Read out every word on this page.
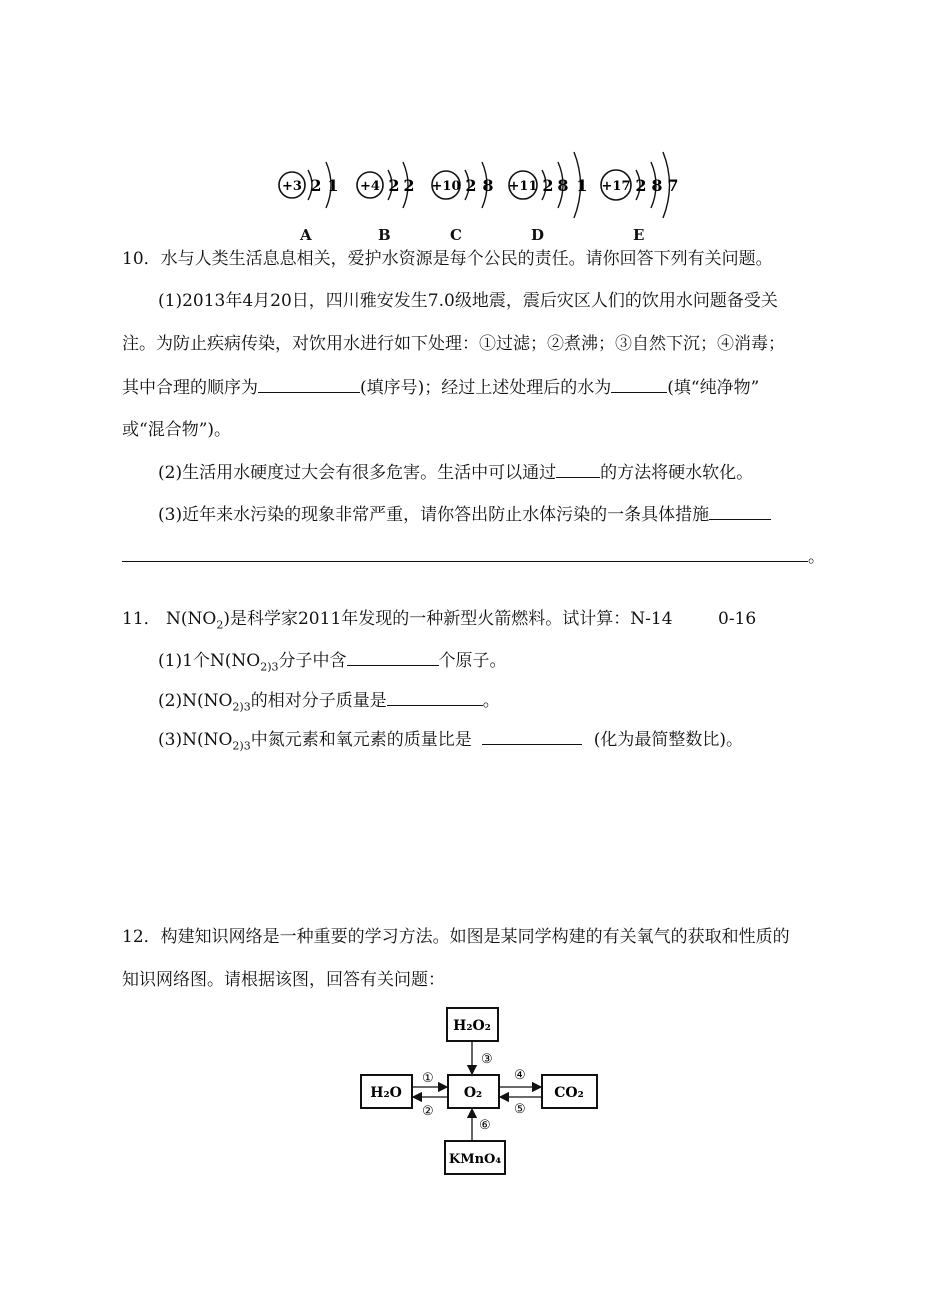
+3 2 1 +4 2 2 +10 2 8 +11 2 8 1 +17 2 8 7
A	B	C	D	E
10．水与人类生活息息相关，爱护水资源是每个公民的责任。请你回答下列有关问题。
(1)2013年4月20日，四川雅安发生7.0级地震，震后灾区人们的饮用水问题备受关
注。为防止疾病传染，对饮用水进行如下处理：①过滤；②煮沸；③自然下沉；④消毒；
其中合理的顺序为	(填序号)；经过上述处理后的水为	(填“纯净物”
或“混合物”)。
(2)生活用水硬度过大会有很多危害。生活中可以通过	的方法将硬水软化。
(3)近年来水污染的现象非常严重，请你答出防止水体污染的一条具体措施
。
11． $N(NO_2)$是科学家2011年发现的一种新型火箭燃料。试计算：N-14	0-16
(1)1个$N(NO_{2)3}$分子中含	个原子。
$(2)N(NO_{2)3}$的相对分子质量是	。
$(3)N(NO_{2)3}$中氮元素和氧元素的质量比是	(化为最简整数比)。
12．构建知识网络是一种重要的学习方法。如图是某同学构建的有关氧气的获取和性质的
知识网络图。请根据该图，回答有关问题：
H₂O₂
H₂O	O₂	CO₂
KMnO₄
③
①
②
④
⑤
⑥
